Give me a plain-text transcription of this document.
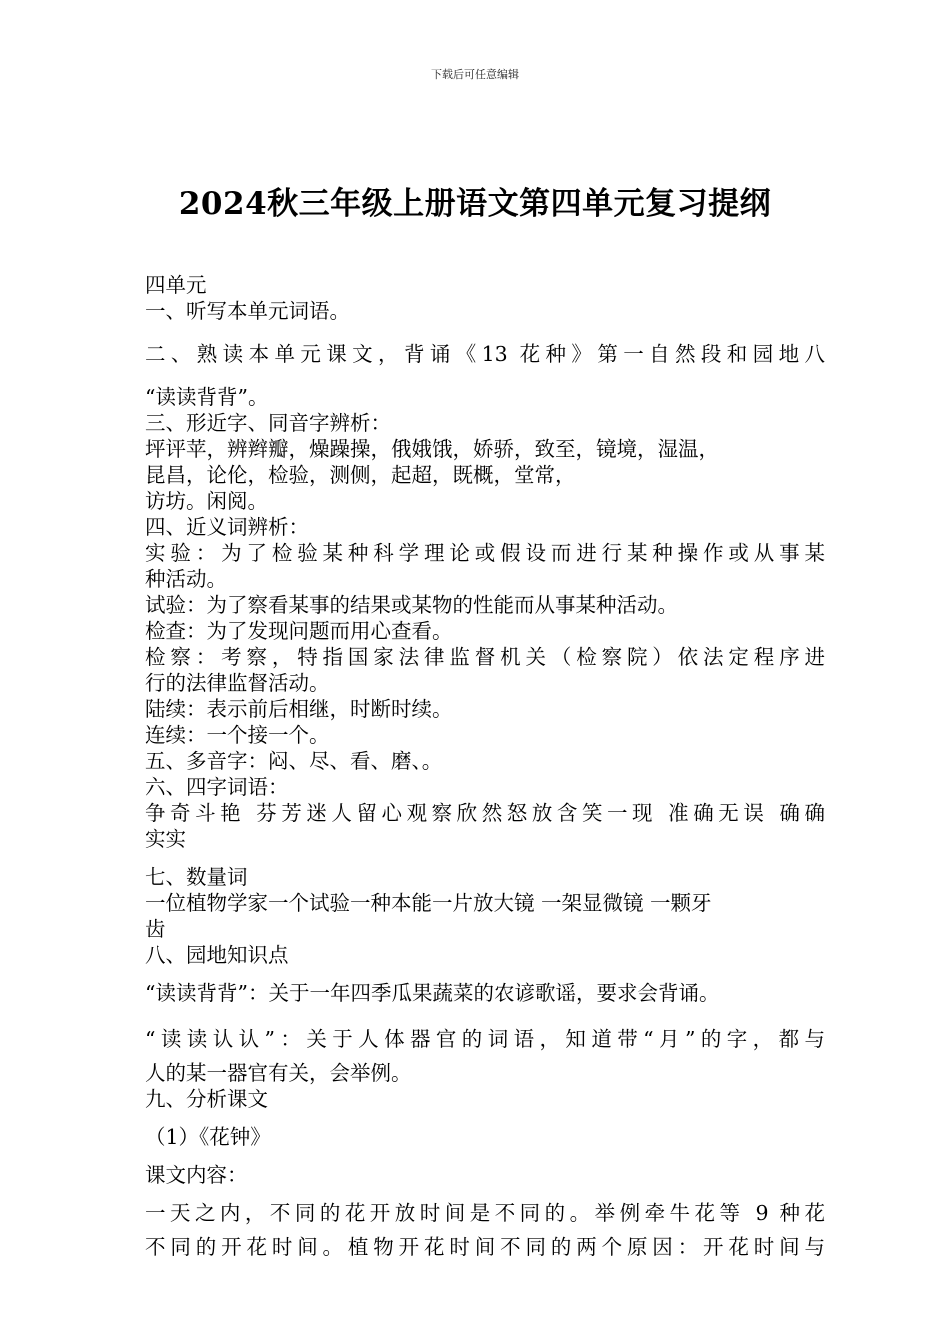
下载后可任意编辑
2024秋三年级上册语文第四单元复习提纲
四单元
一、听写本单元词语。
二、熟读本单元课文，背诵《13 花种》第一自然段和园地八
“读读背背”。
三、形近字、同音字辨析：
坪评苹，辨辫瓣，燥躁操，俄娥饿，娇骄，致至，镜境，湿温，
昆昌，论伦，检验，测侧，起超，既概，堂常，
访坊。闲阅。
四、近义词辨析：
实验：为了检验某种科学理论或假设而进行某种操作或从事某
种活动。
试验：为了察看某事的结果或某物的性能而从事某种活动。
检查：为了发现问题而用心查看。
检察：考察，特指国家法律监督机关（检察院）依法定程序进
行的法律监督活动。
陆续：表示前后相继，时断时续。
连续：一个接一个。
五、多音字：闷、尽、看、磨、。
六、四字词语：
争奇斗艳 芬芳迷人留心观察欣然怒放含笑一现 准确无误 确确
实实
七、数量词
一位植物学家一个试验一种本能一片放大镜 一架显微镜 一颗牙
齿
八、园地知识点
“读读背背”：关于一年四季瓜果蔬菜的农谚歌谣，要求会背诵。
“读读认认”：关于人体器官的词语，知道带“月”的字，都与
人的某一器官有关，会举例。
九、分析课文
（1）《花钟》
课文内容：
一天之内，不同的花开放时间是不同的。举例牵牛花等 9 种花
不同的开花时间。植物开花时间不同的两个原因：开花时间与
